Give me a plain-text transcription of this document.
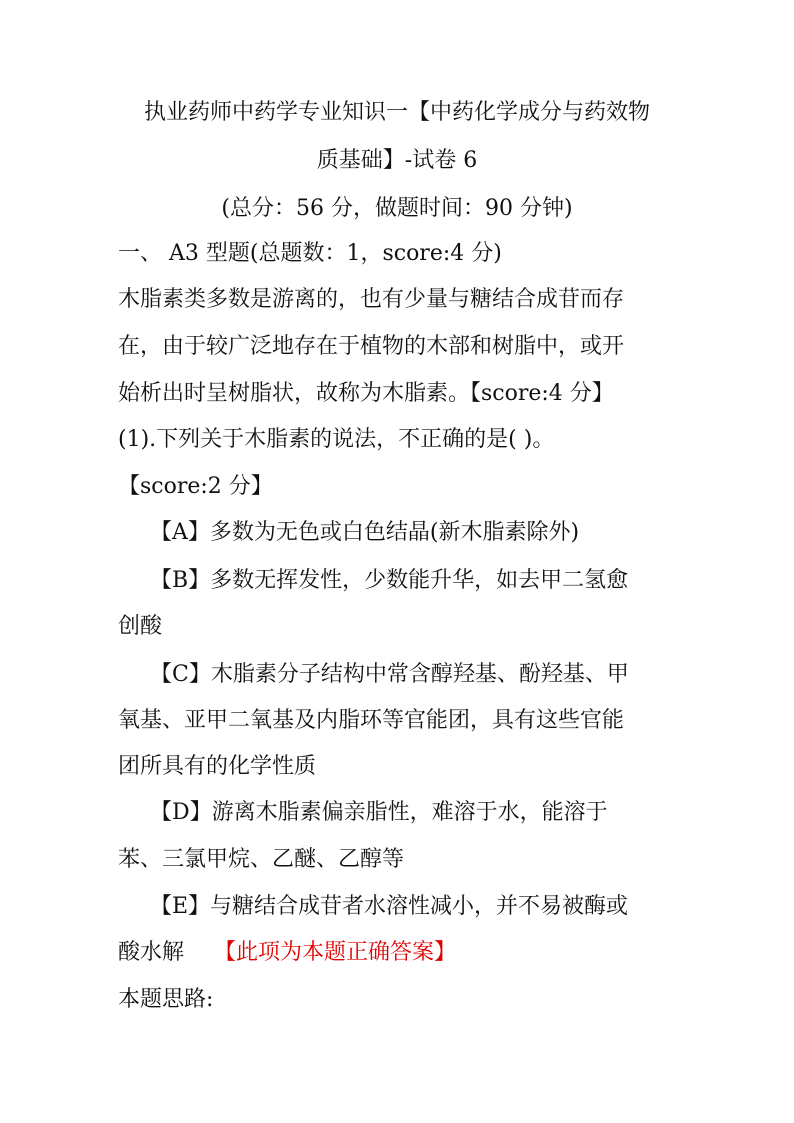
执业药师中药学专业知识一【中药化学成分与药效物
质基础】-试卷 6
(总分：56 分，做题时间：90 分钟)
一、 A3 型题(总题数：1，score:4 分)
木脂素类多数是游离的，也有少量与糖结合成苷而存
在，由于较广泛地存在于植物的木部和树脂中，或开
始析出时呈树脂状，故称为木脂素。【score:4 分】
(1).下列关于木脂素的说法，不正确的是( )。
【score:2 分】
【A】多数为无色或白色结晶(新木脂素除外)
【B】多数无挥发性，少数能升华，如去甲二氢愈
创酸
【C】木脂素分子结构中常含醇羟基、酚羟基、甲
氧基、亚甲二氧基及内脂环等官能团，具有这些官能
团所具有的化学性质
【D】游离木脂素偏亲脂性，难溶于水，能溶于
苯、三氯甲烷、乙醚、乙醇等
【E】与糖结合成苷者水溶性减小，并不易被酶或
酸水解 【此项为本题正确答案】
本题思路:
